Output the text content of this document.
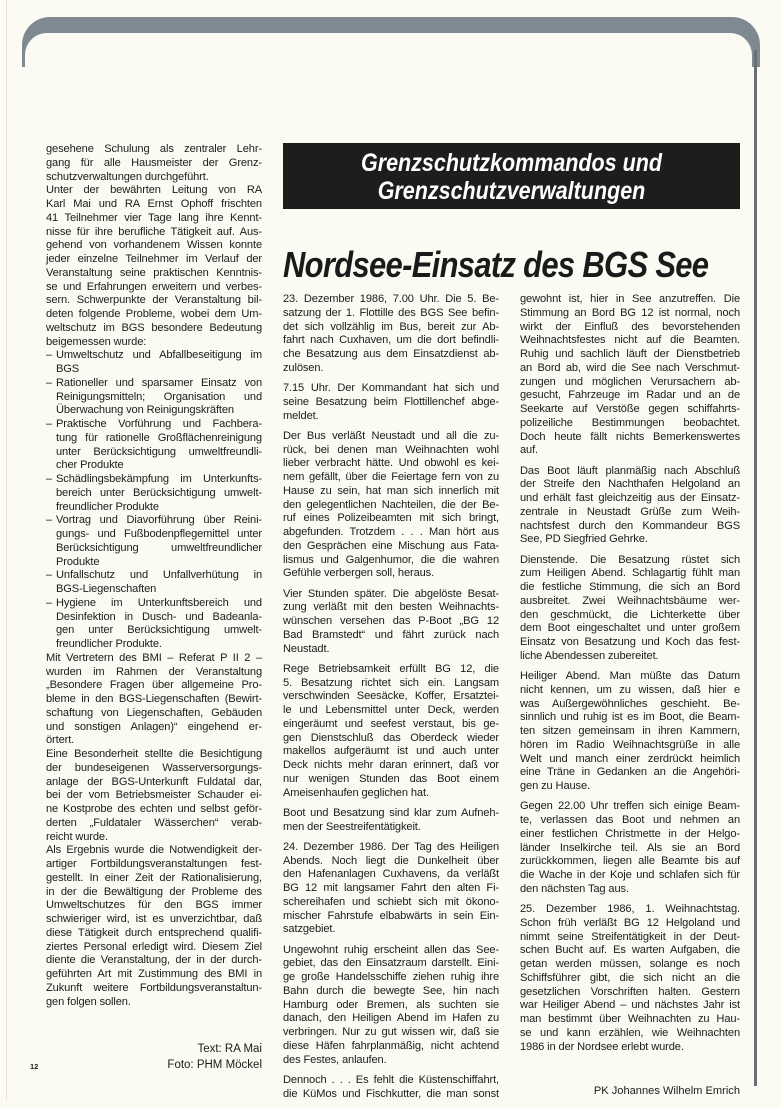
gesehene Schulung als zentraler Lehr-
gang für alle Hausmeister der Grenz-
schutzverwaltungen durchgeführt.
Unter der bewährten Leitung von RA
Karl Mai und RA Ernst Ophoff frischten
41 Teilnehmer vier Tage lang ihre Kennt-
nisse für ihre berufliche Tätigkeit auf. Aus-
gehend von vorhandenem Wissen konnte
jeder einzelne Teilnehmer im Verlauf der
Veranstaltung seine praktischen Kenntnis-
se und Erfahrungen erweitern und verbes-
sern. Schwerpunkte der Veranstaltung bil-
deten folgende Probleme, wobei dem Um-
weltschutz im BGS besondere Bedeutung
beigemessen wurde:
– Umweltschutz und Abfallbeseitigung im
BGS
– Rationeller und sparsamer Einsatz von
Reinigungsmitteln; Organisation und
Überwachung von Reinigungskräften
– Praktische Vorführung und Fachbera-
tung für rationelle Großflächenreinigung
unter Berücksichtigung umweltfreundli-
cher Produkte
– Schädlingsbekämpfung im Unterkunfts-
bereich unter Berücksichtigung umwelt-
freundlicher Produkte
– Vortrag und Diavorführung über Reini-
gungs- und Fußbodenpflegemittel unter
Berücksichtigung umweltfreundlicher
Produkte
– Unfallschutz und Unfallverhütung in
BGS-Liegenschaften
– Hygiene im Unterkunftsbereich und
Desinfektion in Dusch- und Badeanla-
gen unter Berücksichtigung umwelt-
freundlicher Produkte.
Mit Vertretern des BMI – Referat P II 2 –
wurden im Rahmen der Veranstaltung
„Besondere Fragen über allgemeine Pro-
bleme in den BGS-Liegenschaften (Bewirt-
schaftung von Liegenschaften, Gebäuden
und sonstigen Anlagen)“ eingehend er-
örtert.
Eine Besonderheit stellte die Besichtigung
der bundeseigenen Wasserversorgungs-
anlage der BGS-Unterkunft Fuldatal dar,
bei der vom Betriebsmeister Schauder ei-
ne Kostprobe des echten und selbst geför-
derten „Fuldataler Wässerchen“ verab-
reicht wurde.
Als Ergebnis wurde die Notwendigkeit der-
artiger Fortbildungsveranstaltungen fest-
gestellt. In einer Zeit der Rationalisierung,
in der die Bewältigung der Probleme des
Umweltschutzes für den BGS immer
schwieriger wird, ist es unverzichtbar, daß
diese Tätigkeit durch entsprechend qualifi-
ziertes Personal erledigt wird. Diesem Ziel
diente die Veranstaltung, der in der durch-
geführten Art mit Zustimmung des BMI in
Zukunft weitere Fortbildungsveranstaltun-
gen folgen sollen.
Grenzschutzkommandos und
Grenzschutzverwaltungen
Nordsee-Einsatz des BGS See
23. Dezember 1986, 7.00 Uhr. Die 5. Be-
satzung der 1. Flottille des BGS See befin-
det sich vollzählig im Bus, bereit zur Ab-
fahrt nach Cuxhaven, um die dort befindli-
che Besatzung aus dem Einsatzdienst ab-
zulösen.
7.15 Uhr. Der Kommandant hat sich und
seine Besatzung beim Flottillenchef abge-
meldet.
Der Bus verläßt Neustadt und all die zu-
rück, bei denen man Weihnachten wohl
lieber verbracht hätte. Und obwohl es kei-
nem gefällt, über die Feiertage fern von zu
Hause zu sein, hat man sich innerlich mit
den gelegentlichen Nachteilen, die der Be-
ruf eines Polizeibeamten mit sich bringt,
abgefunden. Trotzdem . . . Man hört aus
den Gesprächen eine Mischung aus Fata-
lismus und Galgenhumor, die die wahren
Gefühle verbergen soll, heraus.
Vier Stunden später. Die abgelöste Besat-
zung verläßt mit den besten Weihnachts-
wünschen versehen das P-Boot „BG 12
Bad Bramstedt“ und fährt zurück nach
Neustadt.
Rege Betriebsamkeit erfüllt BG 12, die
5. Besatzung richtet sich ein. Langsam
verschwinden Seesäcke, Koffer, Ersatztei-
le und Lebensmittel unter Deck, werden
eingeräumt und seefest verstaut, bis ge-
gen Dienstschluß das Oberdeck wieder
makellos aufgeräumt ist und auch unter
Deck nichts mehr daran erinnert, daß vor
nur wenigen Stunden das Boot einem
Ameisenhaufen geglichen hat.
Boot und Besatzung sind klar zum Aufneh-
men der Seestreifentätigkeit.
24. Dezember 1986. Der Tag des Heiligen
Abends. Noch liegt die Dunkelheit über
den Hafenanlagen Cuxhavens, da verläßt
BG 12 mit langsamer Fahrt den alten Fi-
schereihafen und schiebt sich mit ökono-
mischer Fahrstufe elbabwärts in sein Ein-
satzgebiet.
Ungewohnt ruhig erscheint allen das See-
gebiet, das den Einsatzraum darstellt. Eini-
ge große Handelsschiffe ziehen ruhig ihre
Bahn durch die bewegte See, hin nach
Hamburg oder Bremen, als suchten sie
danach, den Heiligen Abend im Hafen zu
verbringen. Nur zu gut wissen wir, daß sie
diese Häfen fahrplanmäßig, nicht achtend
des Festes, anlaufen.
Dennoch . . . Es fehlt die Küstenschiffahrt,
die KüMos und Fischkutter, die man sonst
gewohnt ist, hier in See anzutreffen. Die
Stimmung an Bord BG 12 ist normal, noch
wirkt der Einfluß des bevorstehenden
Weihnachtsfestes nicht auf die Beamten.
Ruhig und sachlich läuft der Dienstbetrieb
an Bord ab, wird die See nach Verschmut-
zungen und möglichen Verursachern ab-
gesucht, Fahrzeuge im Radar und an de
Seekarte auf Verstöße gegen schiffahrts-
polizeiliche Bestimmungen beobachtet.
Doch heute fällt nichts Bemerkenswertes
auf.
Das Boot läuft planmäßig nach Abschluß
der Streife den Nachthafen Helgoland an
und erhält fast gleichzeitig aus der Einsatz-
zentrale in Neustadt Grüße zum Weih-
nachtsfest durch den Kommandeur BGS
See, PD Siegfried Gehrke.
Dienstende. Die Besatzung rüstet sich
zum Heiligen Abend. Schlagartig fühlt man
die festliche Stimmung, die sich an Bord
ausbreitet. Zwei Weihnachtsbäume wer-
den geschmückt, die Lichterkette über
dem Boot eingeschaltet und unter großem
Einsatz von Besatzung und Koch das fest-
liche Abendessen zubereitet.
Heiliger Abend. Man müßte das Datum
nicht kennen, um zu wissen, daß hier e
was Außergewöhnliches geschieht. Be-
sinnlich und ruhig ist es im Boot, die Beam-
ten sitzen gemeinsam in ihren Kammern,
hören im Radio Weihnachtsgrüße in alle
Welt und manch einer zerdrückt heimlich
eine Träne in Gedanken an die Angehöri-
gen zu Hause.
Gegen 22.00 Uhr treffen sich einige Beam-
te, verlassen das Boot und nehmen an
einer festlichen Christmette in der Helgo-
länder Inselkirche teil. Als sie an Bord
zurückkommen, liegen alle Beamte bis auf
die Wache in der Koje und schlafen sich für
den nächsten Tag aus.
25. Dezember 1986, 1. Weihnachtstag.
Schon früh verläßt BG 12 Helgoland und
nimmt seine Streifentätigkeit in der Deut-
schen Bucht auf. Es warten Aufgaben, die
getan werden müssen, solange es noch
Schiffsführer gibt, die sich nicht an die
gesetzlichen Vorschriften halten. Gestern
war Heiliger Abend – und nächstes Jahr ist
man bestimmt über Weihnachten zu Hau-
se und kann erzählen, wie Weihnachten
1986 in der Nordsee erlebt wurde.
PK Johannes Wilhelm Emrich
Text: RA Mai
Foto: PHM Möckel
12
